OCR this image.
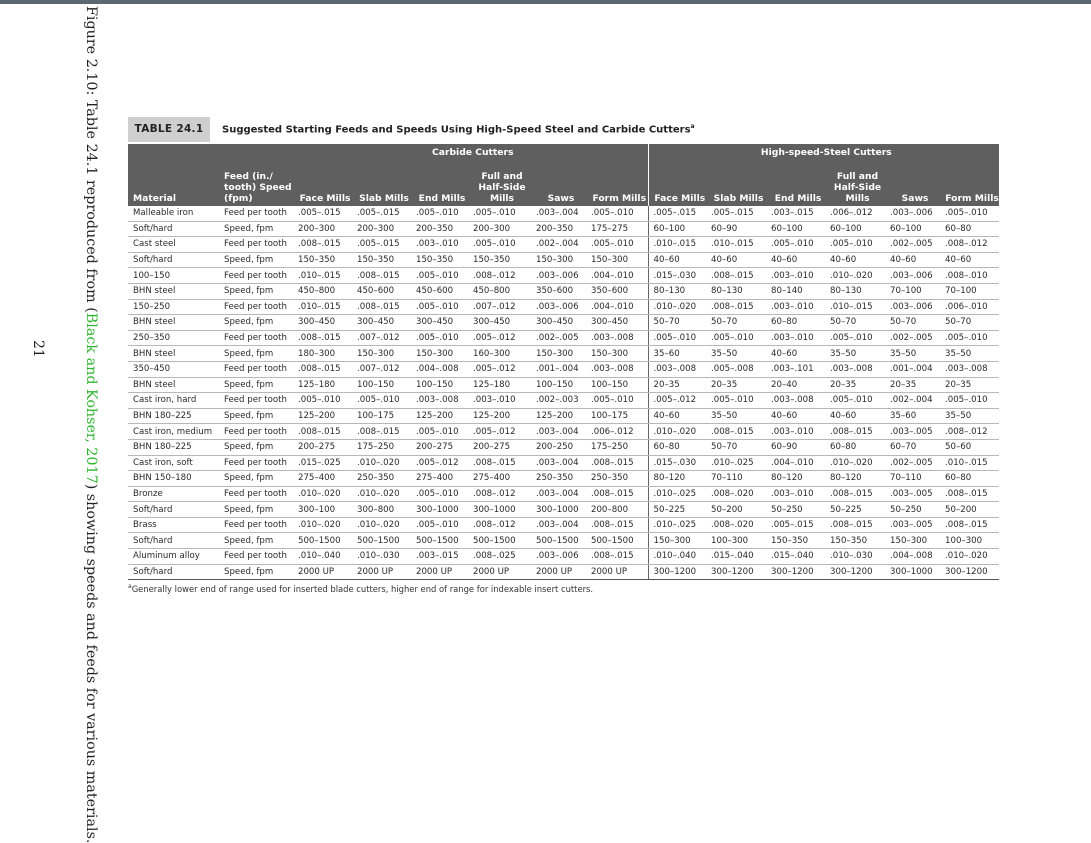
Figure 2.10: Table 24.1 reproduced from (Black and Kohser, 2017) showing speeds and feeds for various materials.
21
TABLE 24.1	Suggested Starting Feeds and Speeds Using High-Speed Steel and Carbide Cutters$^a$
		Carbide Cutters						High-speed-Steel Cutters					
Material	Feed (in./ tooth) Speed (fpm)	Face Mills	Slab Mills	End Mills	Full and Half-Side Mills	Saws	Form Mills	Face Mills	Slab Mills	End Mills	Full and Half-Side Mills	Saws	Form Mills
Malleable iron	Feed per tooth	.005–.015	.005–.015	.005–.010	.005–.010	.003–.004	.005–.010	.005–.015	.005–.015	.003–.015	.006–.012	.003–.006	.005–.010
Soft/hard	Speed, fpm	200–300	200–300	200–350	200–300	200–350	175–275	60–100	60–90	60–100	60–100	60–100	60–80
Cast steel	Feed per tooth	.008–.015	.005–.015	.003–.010	.005–.010	.002–.004	.005–.010	.010–.015	.010–.015	.005–.010	.005–.010	.002–.005	.008–.012
Soft/hard	Speed, fpm	150–350	150–350	150–350	150–350	150–300	150–300	40–60	40–60	40–60	40–60	40–60	40–60
100–150	Feed per tooth	.010–.015	.008–.015	.005–.010	.008–.012	.003–.006	.004–.010	.015–.030	.008–.015	.003–.010	.010–.020	.003–.006	.008–.010
BHN steel	Speed, fpm	450–800	450–600	450–600	450–800	350–600	350–600	80–130	80–130	80–140	80–130	70–100	70–100
150–250	Feed per tooth	.010–.015	.008–.015	.005–.010	.007–.012	.003–.006	.004–.010	.010–.020	.008–.015	.003–.010	.010–.015	.003–.006	.006–.010
BHN steel	Speed, fpm	300–450	300–450	300–450	300–450	300–450	300–450	50–70	50–70	60–80	50–70	50–70	50–70
250–350	Feed per tooth	.008–.015	.007–.012	.005–.010	.005–.012	.002–.005	.003–.008	.005–.010	.005–.010	.003–.010	.005–.010	.002–.005	.005–.010
BHN steel	Speed, fpm	180–300	150–300	150–300	160–300	150–300	150–300	35–60	35–50	40–60	35–50	35–50	35–50
350–450	Feed per tooth	.008–.015	.007–.012	.004–.008	.005–.012	.001–.004	.003–.008	.003–.008	.005–.008	.003–.101	.003–.008	.001–.004	.003–.008
BHN steel	Speed, fpm	125–180	100–150	100–150	125–180	100–150	100–150	20–35	20–35	20–40	20–35	20–35	20–35
Cast iron, hard	Feed per tooth	.005–.010	.005–.010	.003–.008	.003–.010	.002–.003	.005–.010	.005–.012	.005–.010	.003–.008	.005–.010	.002–.004	.005–.010
BHN 180–225	Speed, fpm	125–200	100–175	125–200	125–200	125–200	100–175	40–60	35–50	40–60	40–60	35–60	35–50
Cast iron, medium	Feed per tooth	.008–.015	.008–.015	.005–.010	.005–.012	.003–.004	.006–.012	.010–.020	.008–.015	.003–.010	.008–.015	.003–.005	.008–.012
BHN 180–225	Speed, fpm	200–275	175–250	200–275	200–275	200–250	175–250	60–80	50–70	60–90	60–80	60–70	50–60
Cast iron, soft	Feed per tooth	.015–.025	.010–.020	.005–.012	.008–.015	.003–.004	.008–.015	.015–.030	.010–.025	.004–.010	.010–.020	.002–.005	.010–.015
BHN 150–180	Speed, fpm	275–400	250–350	275–400	275–400	250–350	250–350	80–120	70–110	80–120	80–120	70–110	60–80
Bronze	Feed per tooth	.010–.020	.010–.020	.005–.010	.008–.012	.003–.004	.008–.015	.010–.025	.008–.020	.003–.010	.008–.015	.003–.005	.008–.015
Soft/hard	Speed, fpm	300–100	300–800	300–1000	300–1000	300–1000	200–800	50–225	50–200	50–250	50–225	50–250	50–200
Brass	Feed per tooth	.010–.020	.010–.020	.005–.010	.008–.012	.003–.004	.008–.015	.010–.025	.008–.020	.005–.015	.008–.015	.003–.005	.008–.015
Soft/hard	Speed, fpm	500–1500	500–1500	500–1500	500–1500	500–1500	500–1500	150–300	100–300	150–350	150–350	150–300	100–300
Aluminum alloy	Feed per tooth	.010–.040	.010–.030	.003–.015	.008–.025	.003–.006	.008–.015	.010–.040	.015–.040	.015–.040	.010–.030	.004–.008	.010–.020
Soft/hard	Speed, fpm	2000 UP	2000 UP	2000 UP	2000 UP	2000 UP	2000 UP	300–1200	300–1200	300–1200	300–1200	300–1000	300–1200
$^a$Generally lower end of range used for inserted blade cutters, higher end of range for indexable insert cutters.
